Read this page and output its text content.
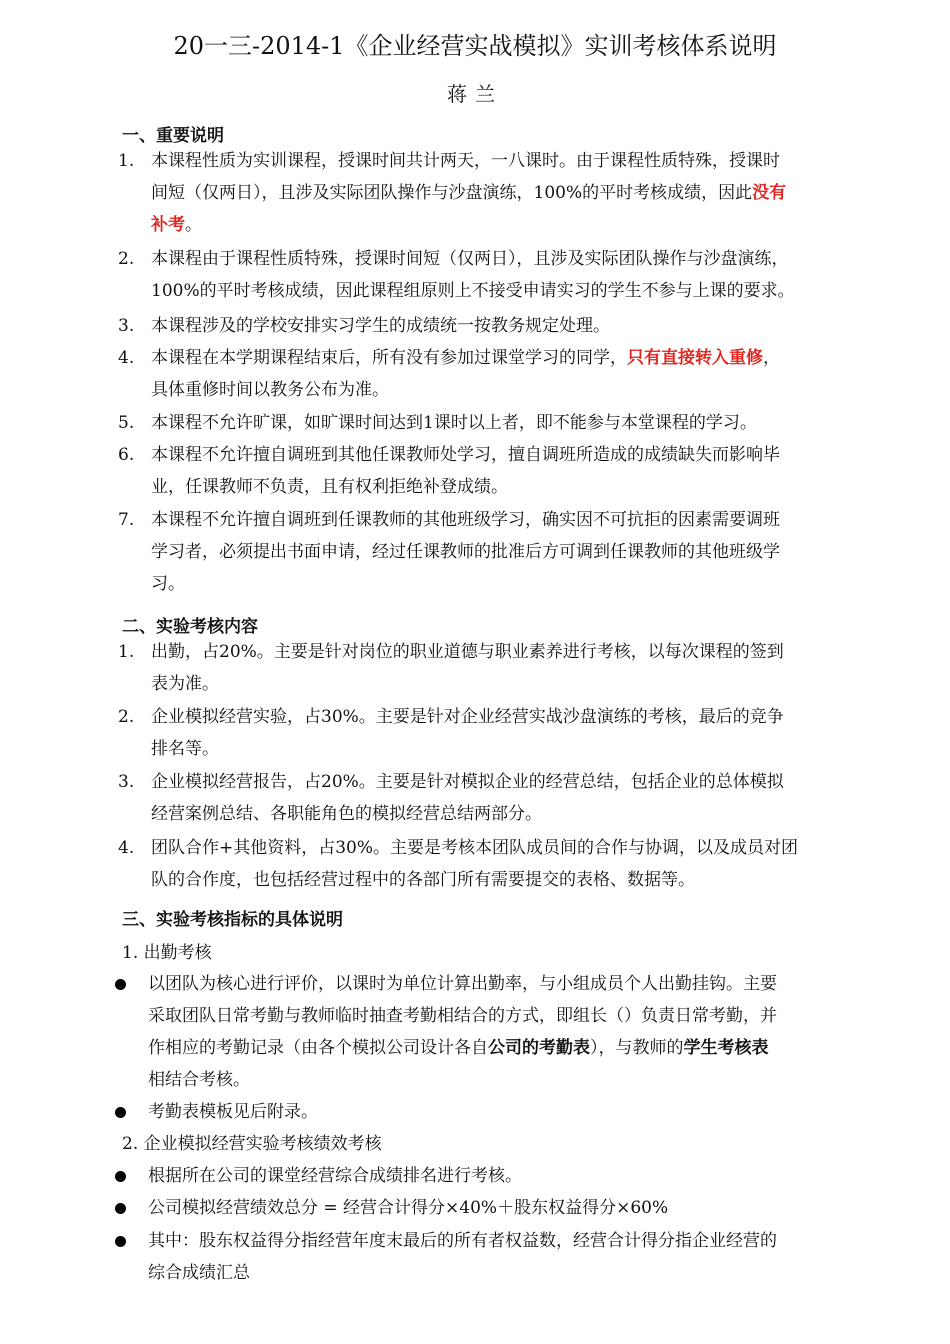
20一三-2014-1《企业经营实战模拟》实训考核体系说明
蒋兰
一、重要说明
1. 本课程性质为实训课程，授课时间共计两天，一八课时。由于课程性质特殊，授课时
间短（仅两日），且涉及实际团队操作与沙盘演练，100%的平时考核成绩，因此没有
补考。
2. 本课程由于课程性质特殊，授课时间短（仅两日），且涉及实际团队操作与沙盘演练，
100%的平时考核成绩，因此课程组原则上不接受申请实习的学生不参与上课的要求。
3. 本课程涉及的学校安排实习学生的成绩统一按教务规定处理。
4. 本课程在本学期课程结束后，所有没有参加过课堂学习的同学，只有直接转入重修，
具体重修时间以教务公布为准。
5. 本课程不允许旷课，如旷课时间达到1课时以上者，即不能参与本堂课程的学习。
6. 本课程不允许擅自调班到其他任课教师处学习，擅自调班所造成的成绩缺失而影响毕
业，任课教师不负责，且有权利拒绝补登成绩。
7. 本课程不允许擅自调班到任课教师的其他班级学习，确实因不可抗拒的因素需要调班
学习者，必须提出书面申请，经过任课教师的批准后方可调到任课教师的其他班级学
习。
二、实验考核内容
1. 出勤，占20%。主要是针对岗位的职业道德与职业素养进行考核，以每次课程的签到
表为准。
2. 企业模拟经营实验，占30%。主要是针对企业经营实战沙盘演练的考核，最后的竞争
排名等。
3. 企业模拟经营报告，占20%。主要是针对模拟企业的经营总结，包括企业的总体模拟
经营案例总结、各职能角色的模拟经营总结两部分。
4. 团队合作+其他资料，占30%。主要是考核本团队成员间的合作与协调，以及成员对团
队的合作度，也包括经营过程中的各部门所有需要提交的表格、数据等。
三、实验考核指标的具体说明
1. 出勤考核
以团队为核心进行评价，以课时为单位计算出勤率，与小组成员个人出勤挂钩。主要
采取团队日常考勤与教师临时抽查考勤相结合的方式，即组长（）负责日常考勤，并
作相应的考勤记录（由各个模拟公司设计各自公司的考勤表），与教师的学生考核表
相结合考核。
考勤表模板见后附录。
2. 企业模拟经营实验考核绩效考核
根据所在公司的课堂经营综合成绩排名进行考核。
公司模拟经营绩效总分 = 经营合计得分×40%＋股东权益得分×60%
其中：股东权益得分指经营年度末最后的所有者权益数，经营合计得分指企业经营的
综合成绩汇总
